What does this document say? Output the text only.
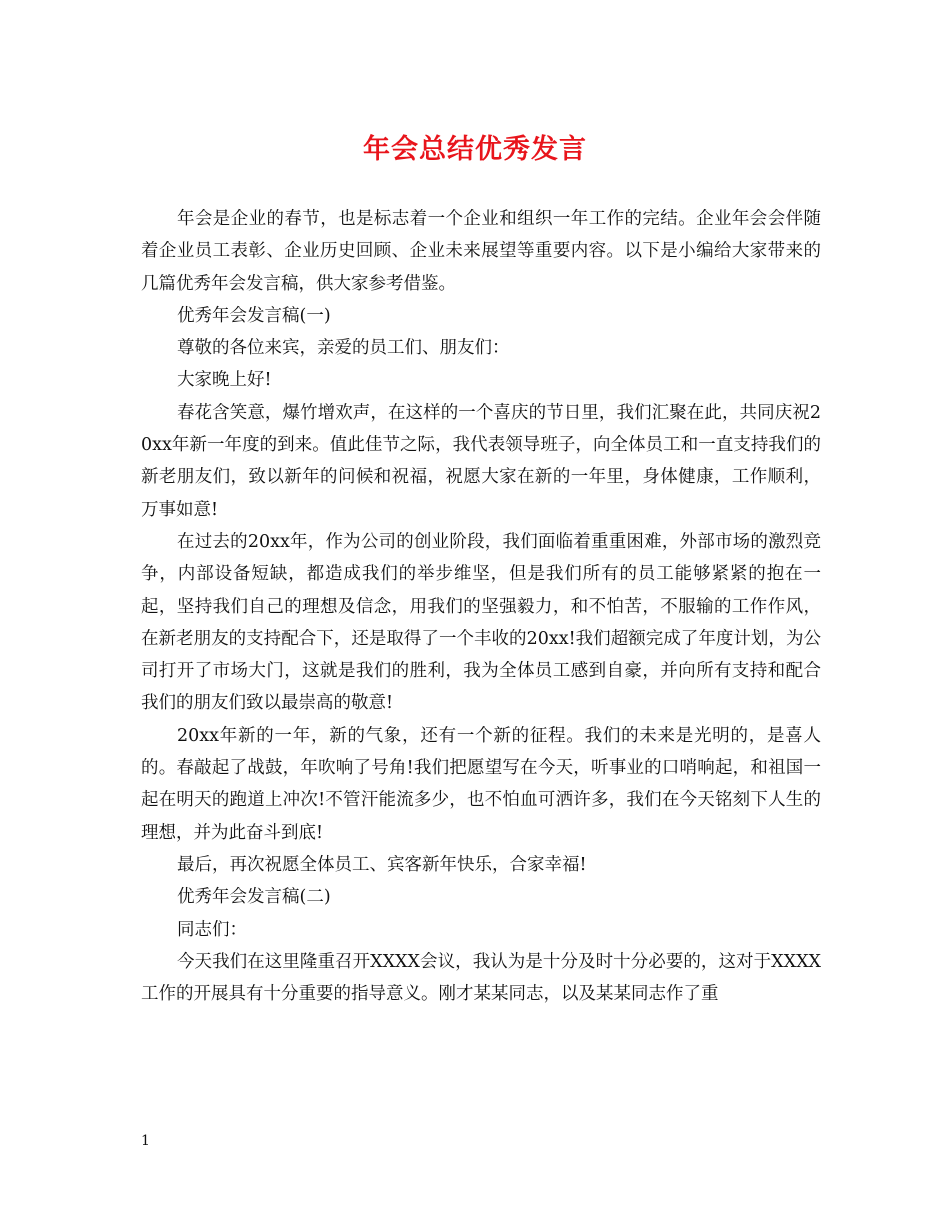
年会总结优秀发言

年会是企业的春节，也是标志着一个企业和组织一年工作的完结。企业年会会伴随着企业员工表彰、企业历史回顾、企业未来展望等重要内容。以下是小编给大家带来的几篇优秀年会发言稿，供大家参考借鉴。

优秀年会发言稿(一)

尊敬的各位来宾，亲爱的员工们、朋友们：

大家晚上好!

春花含笑意，爆竹增欢声，在这样的一个喜庆的节日里，我们汇聚在此，共同庆祝20xx年新一年度的到来。值此佳节之际，我代表领导班子，向全体员工和一直支持我们的新老朋友们，致以新年的问候和祝福，祝愿大家在新的一年里，身体健康，工作顺利，万事如意!

在过去的20xx年，作为公司的创业阶段，我们面临着重重困难，外部市场的激烈竞争，内部设备短缺，都造成我们的举步维坚，但是我们所有的员工能够紧紧的抱在一起，坚持我们自己的理想及信念，用我们的坚强毅力，和不怕苦，不服输的工作作风，在新老朋友的支持配合下，还是取得了一个丰收的20xx!我们超额完成了年度计划，为公司打开了市场大门，这就是我们的胜利，我为全体员工感到自豪，并向所有支持和配合我们的朋友们致以最崇高的敬意!

20xx年新的一年，新的气象，还有一个新的征程。我们的未来是光明的，是喜人的。春敲起了战鼓，年吹响了号角!我们把愿望写在今天，听事业的口哨响起，和祖国一起在明天的跑道上冲次!不管汗能流多少，也不怕血可洒许多，我们在今天铭刻下人生的理想，并为此奋斗到底!

最后，再次祝愿全体员工、宾客新年快乐，合家幸福!

优秀年会发言稿(二)

同志们：

今天我们在这里隆重召开XXXX会议，我认为是十分及时十分必要的，这对于XXXX工作的开展具有十分重要的指导意义。刚才某某同志，以及某某同志作了重

1
